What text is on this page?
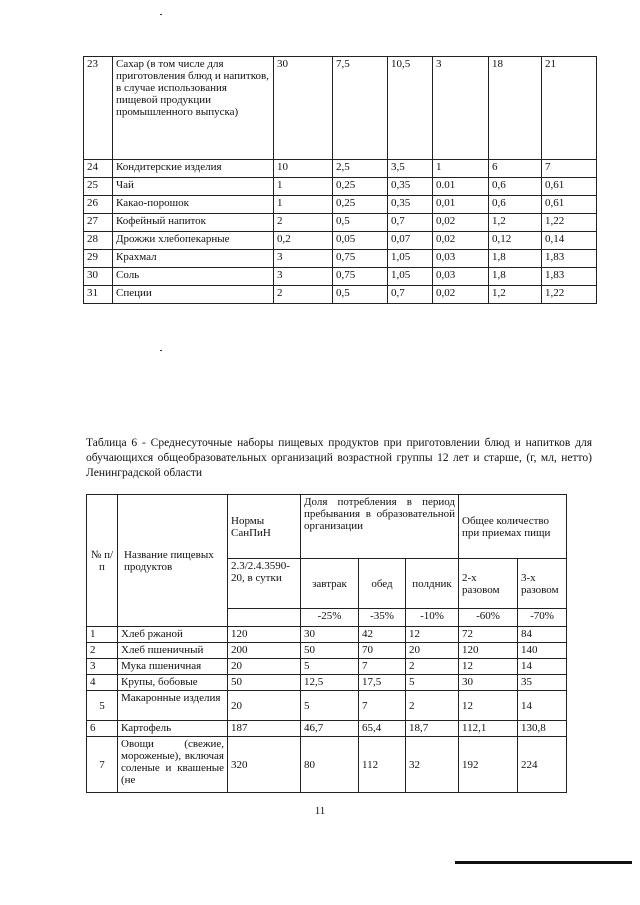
23	Сахар (в том числе для приготовления блюд и напитков, в случае использования пищевой продукции промышленного выпуска)	30	7,5	10,5	3	18	21
24	Кондитерские изделия	10	2,5	3,5	1	6	7
25	Чай	1	0,25	0,35	0.01	0,6	0,61
26	Какао-порошок	1	0,25	0,35	0,01	0,6	0,61
27	Кофейный напиток	2	0,5	0,7	0,02	1,2	1,22
28	Дрожжи хлебопекарные	0,2	0,05	0,07	0,02	0,12	0,14
29	Крахмал	3	0,75	1,05	0,03	1,8	1,83
30	Соль	3	0,75	1,05	0,03	1,8	1,83
31	Специи	2	0,5	0,7	0,02	1,2	1,22
Таблица 6 - Среднесуточные наборы пищевых продуктов при приготовлении блюд и напитков для обучающихся общеобразовательных организаций возрастной группы 12 лет и старше, (г, мл, нетто) Ленинградской области
№ п/п	Название пищевых продуктов	Нормы СанПиН	Доля потребления в период пребывания в образовательной организации			Общее количество при приемах пищи	
		2.3/2.4.3590-20, в сутки	завтрак	обед	полдник	2-х разовом	3-х разовом
			-25%	-35%	-10%	-60%	-70%
1	Хлеб ржаной	120	30	42	12	72	84
2	Хлеб пшеничный	200	50	70	20	120	140
3	Мука пшеничная	20	5	7	2	12	14
4	Крупы, бобовые	50	12,5	17,5	5	30	35
5	Макаронные изделия	20	5	7	2	12	14
6	Картофель	187	46,7	65,4	18,7	112,1	130,8
7	Овощи (свежие, мороженые), включая соленые и квашеные (не	320	80	112	32	192	224
11
